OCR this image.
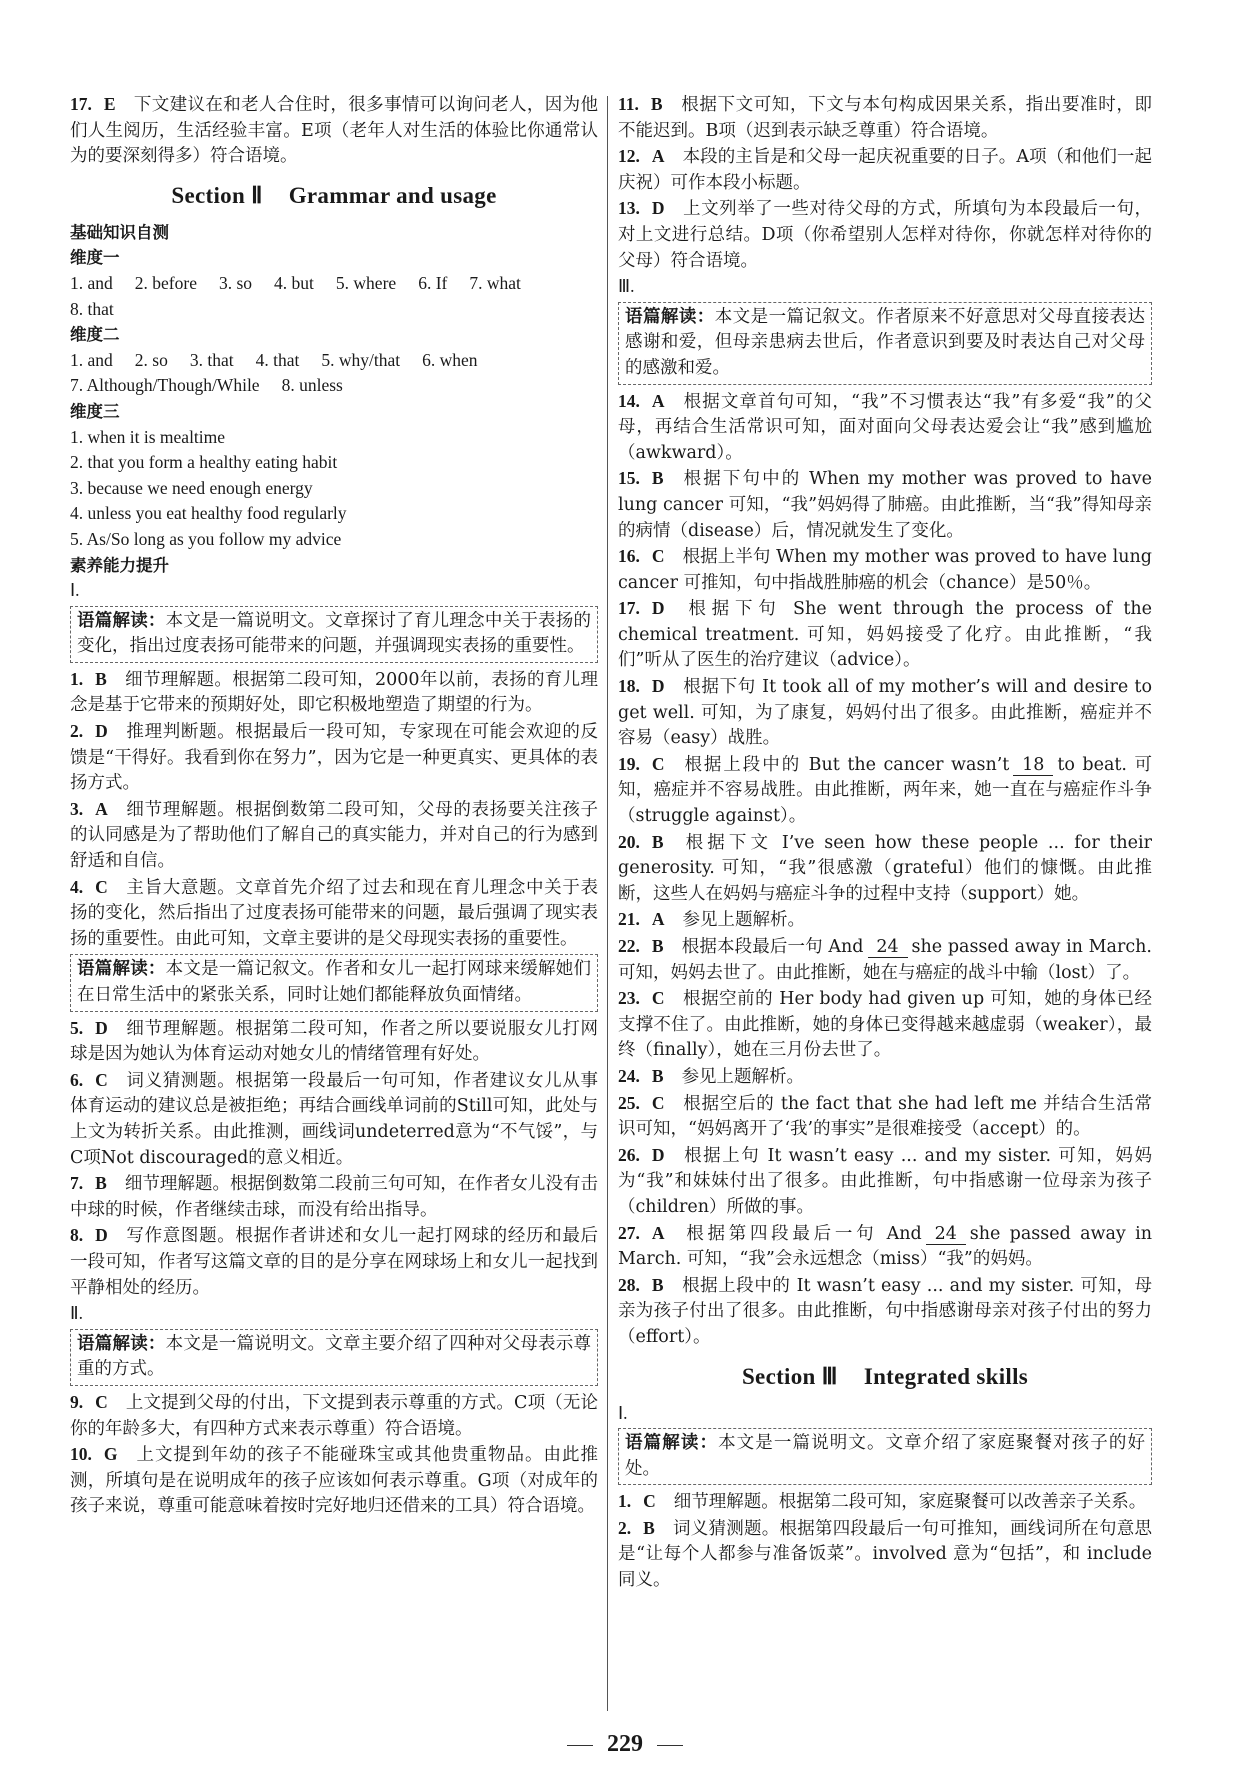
17. E 下文建议在和老人合住时，很多事情可以询问老人，因为他们人生阅历，生活经验丰富。E项（老年人对生活的体验比你通常认为的要深刻得多）符合语境。
Section Ⅱ Grammar and usage
基础知识自测
维度一
1. and 2. before 3. so 4. but 5. where 6. If 7. what
8. that
维度二
1. and 2. so 3. that 4. that 5. why/that 6. when
7. Although/Though/While 8. unless
维度三
1. when it is mealtime
2. that you form a healthy eating habit
3. because we need enough energy
4. unless you eat healthy food regularly
5. As/So long as you follow my advice
素养能力提升
Ⅰ.
语篇解读：本文是一篇说明文。文章探讨了育儿理念中关于表扬的变化，指出过度表扬可能带来的问题，并强调现实表扬的重要性。
1. B 细节理解题。根据第二段可知，2000年以前，表扬的育儿理念是基于它带来的预期好处，即它积极地塑造了期望的行为。
2. D 推理判断题。根据最后一段可知，专家现在可能会欢迎的反馈是“干得好。我看到你在努力”，因为它是一种更真实、更具体的表扬方式。
3. A 细节理解题。根据倒数第二段可知，父母的表扬要关注孩子的认同感是为了帮助他们了解自己的真实能力，并对自己的行为感到舒适和自信。
4. C 主旨大意题。文章首先介绍了过去和现在育儿理念中关于表扬的变化，然后指出了过度表扬可能带来的问题，最后强调了现实表扬的重要性。由此可知，文章主要讲的是父母现实表扬的重要性。
语篇解读：本文是一篇记叙文。作者和女儿一起打网球来缓解她们在日常生活中的紧张关系，同时让她们都能释放负面情绪。
5. D 细节理解题。根据第二段可知，作者之所以要说服女儿打网球是因为她认为体育运动对她女儿的情绪管理有好处。
6. C 词义猜测题。根据第一段最后一句可知，作者建议女儿从事体育运动的建议总是被拒绝；再结合画线单词前的Still可知，此处与上文为转折关系。由此推测，画线词undeterred意为“不气馁”，与C项Not discouraged的意义相近。
7. B 细节理解题。根据倒数第二段前三句可知，在作者女儿没有击中球的时候，作者继续击球，而没有给出指导。
8. D 写作意图题。根据作者讲述和女儿一起打网球的经历和最后一段可知，作者写这篇文章的目的是分享在网球场上和女儿一起找到平静相处的经历。
Ⅱ.
语篇解读：本文是一篇说明文。文章主要介绍了四种对父母表示尊重的方式。
9. C 上文提到父母的付出，下文提到表示尊重的方式。C项（无论你的年龄多大，有四种方式来表示尊重）符合语境。
10. G 上文提到年幼的孩子不能碰珠宝或其他贵重物品。由此推测，所填句是在说明成年的孩子应该如何表示尊重。G项（对成年的孩子来说，尊重可能意味着按时完好地归还借来的工具）符合语境。
11. B 根据下文可知，下文与本句构成因果关系，指出要准时，即不能迟到。B项（迟到表示缺乏尊重）符合语境。
12. A 本段的主旨是和父母一起庆祝重要的日子。A项（和他们一起庆祝）可作本段小标题。
13. D 上文列举了一些对待父母的方式，所填句为本段最后一句，对上文进行总结。D项（你希望别人怎样对待你，你就怎样对待你的父母）符合语境。
Ⅲ.
语篇解读：本文是一篇记叙文。作者原来不好意思对父母直接表达感谢和爱，但母亲患病去世后，作者意识到要及时表达自己对父母的感激和爱。
14. A 根据文章首句可知，“我”不习惯表达“我”有多爱“我”的父母，再结合生活常识可知，面对面向父母表达爱会让“我”感到尴尬（awkward）。
15. B 根据下句中的 When my mother was proved to have lung cancer 可知，“我”妈妈得了肺癌。由此推断，当“我”得知母亲的病情（disease）后，情况就发生了变化。
16. C 根据上半句 When my mother was proved to have lung cancer 可推知，句中指战胜肺癌的机会（chance）是50％。
17. D 根据下句 She went through the process of the chemical treatment. 可知，妈妈接受了化疗。由此推断，“我们”听从了医生的治疗建议（advice）。
18. D 根据下句 It took all of my mother’s will and desire to get well. 可知，为了康复，妈妈付出了很多。由此推断，癌症并不容易（easy）战胜。
19. C 根据上段中的 But the cancer wasn’t 18 to beat. 可知，癌症并不容易战胜。由此推断，两年来，她一直在与癌症作斗争（struggle against）。
20. B 根据下文 I’ve seen how these people ... for their generosity. 可知，“我”很感激（grateful）他们的慷慨。由此推断，这些人在妈妈与癌症斗争的过程中支持（support）她。
21. A 参见上题解析。
22. B 根据本段最后一句 And 24 she passed away in March. 可知，妈妈去世了。由此推断，她在与癌症的战斗中输（lost）了。
23. C 根据空前的 Her body had given up 可知，她的身体已经支撑不住了。由此推断，她的身体已变得越来越虚弱（weaker），最终（finally），她在三月份去世了。
24. B 参见上题解析。
25. C 根据空后的 the fact that she had left me 并结合生活常识可知，“妈妈离开了‘我’的事实”是很难接受（accept）的。
26. D 根据上句 It wasn’t easy ... and my sister. 可知，妈妈为“我”和妹妹付出了很多。由此推断，句中指感谢一位母亲为孩子（children）所做的事。
27. A 根据第四段最后一句 And 24 she passed away in March. 可知，“我”会永远想念（miss）“我”的妈妈。
28. B 根据上段中的 It wasn’t easy ... and my sister. 可知，母亲为孩子付出了很多。由此推断，句中指感谢母亲对孩子付出的努力（effort）。
Section Ⅲ Integrated skills
Ⅰ.
语篇解读：本文是一篇说明文。文章介绍了家庭聚餐对孩子的好处。
1. C 细节理解题。根据第二段可知，家庭聚餐可以改善亲子关系。
2. B 词义猜测题。根据第四段最后一句可推知，画线词所在句意思是“让每个人都参与准备饭菜”。involved 意为“包括”，和 include 同义。
229
